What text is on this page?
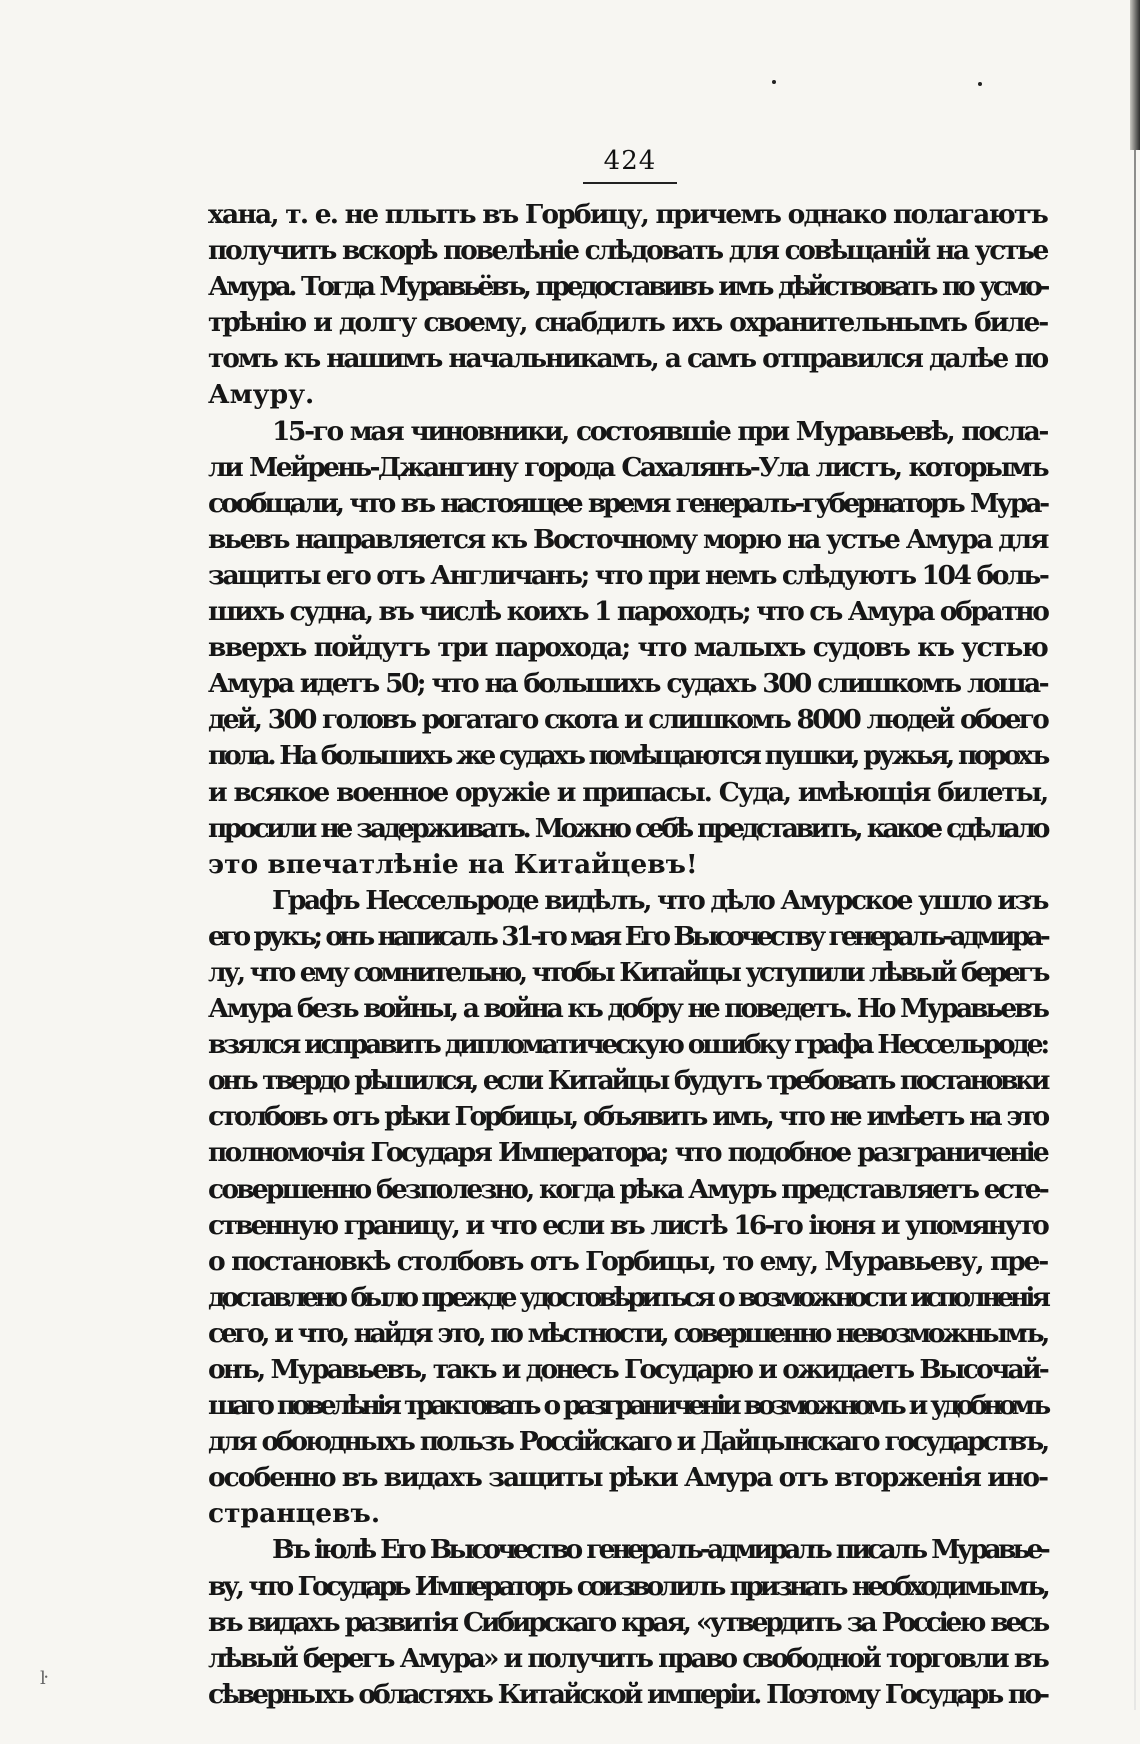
424
хана, т. е. не плыть въ Горбицу, причемъ однако полагаютъ
получить вскорѣ повелѣніе слѣдовать для совѣщаній на устье
Амура. Тогда Муравьёвъ, предоставивъ имъ дѣйствовать по усмо-
трѣнію и долгу своему, снабдилъ ихъ охранительнымъ биле-
томъ къ нашимъ начальникамъ, а самъ отправился далѣе по
Амуру.
15-го мая чиновники, состоявшіе при Муравьевѣ, посла-
ли Мейрень-Джангину города Сахалянъ-Ула листъ, которымъ
сообщали, что въ настоящее время генералъ-губернаторъ Мура-
вьевъ направляется къ Восточному морю на устье Амура для
защиты его отъ Англичанъ; что при немъ слѣдуютъ 104 боль-
шихъ судна, въ числѣ коихъ 1 пароходъ; что съ Амура обратно
вверхъ пойдутъ три парохода; что малыхъ судовъ къ устью
Амура идетъ 50; что на большихъ судахъ 300 слишкомъ лоша-
дей, 300 головъ рогатаго скота и слишкомъ 8000 людей обоего
пола. На большихъ же судахъ помѣщаются пушки, ружья, порохъ
и всякое военное оружіе и припасы. Суда, имѣющія билеты,
просили не задерживать. Можно себѣ представить, какое сдѣлало
это впечатлѣніе на Китайцевъ!
Графъ Нессельроде видѣлъ, что дѣло Амурское ушло изъ
его рукъ; онъ написалъ 31-го мая Его Высочеству генералъ-адмира-
лу, что ему сомнительно, чтобы Китайцы уступили лѣвый берегъ
Амура безъ войны, а война къ добру не поведетъ. Но Муравьевъ
взялся исправить дипломатическую ошибку графа Нессельроде:
онъ твердо рѣшился, если Китайцы будутъ требовать постановки
столбовъ отъ рѣки Горбицы, объявить имъ, что не имѣетъ на это
полномочія Государя Императора; что подобное разграниченіе
совершенно безполезно, когда рѣка Амуръ представляетъ есте-
ственную границу, и что если въ листѣ 16-го іюня и упомянуто
о постановкѣ столбовъ отъ Горбицы, то ему, Муравьеву, пре-
доставлено было прежде удостовѣриться о возможности исполненія
сего, и что, найдя это, по мѣстности, совершенно невозможнымъ,
онъ, Муравьевъ, такъ и донесъ Государю и ожидаетъ Высочай-
шаго повелѣнія трактовать о разграниченіи возможномъ и удобномъ
для обоюдныхъ пользъ Россійскаго и Дайцынскаго государствъ,
особенно въ видахъ защиты рѣки Амура отъ вторженія ино-
странцевъ.
Въ іюлѣ Его Высочество генералъ-адмиралъ писалъ Муравье-
ву, что Государь Императоръ соизволилъ признать необходимымъ,
въ видахъ развитія Сибирскаго края, «утвердить за Россіею весь
лѣвый берегъ Амура» и получить право свободной торговли въ
сѣверныхъ областяхъ Китайской имперіи. Поэтому Государь по-
ŀ
